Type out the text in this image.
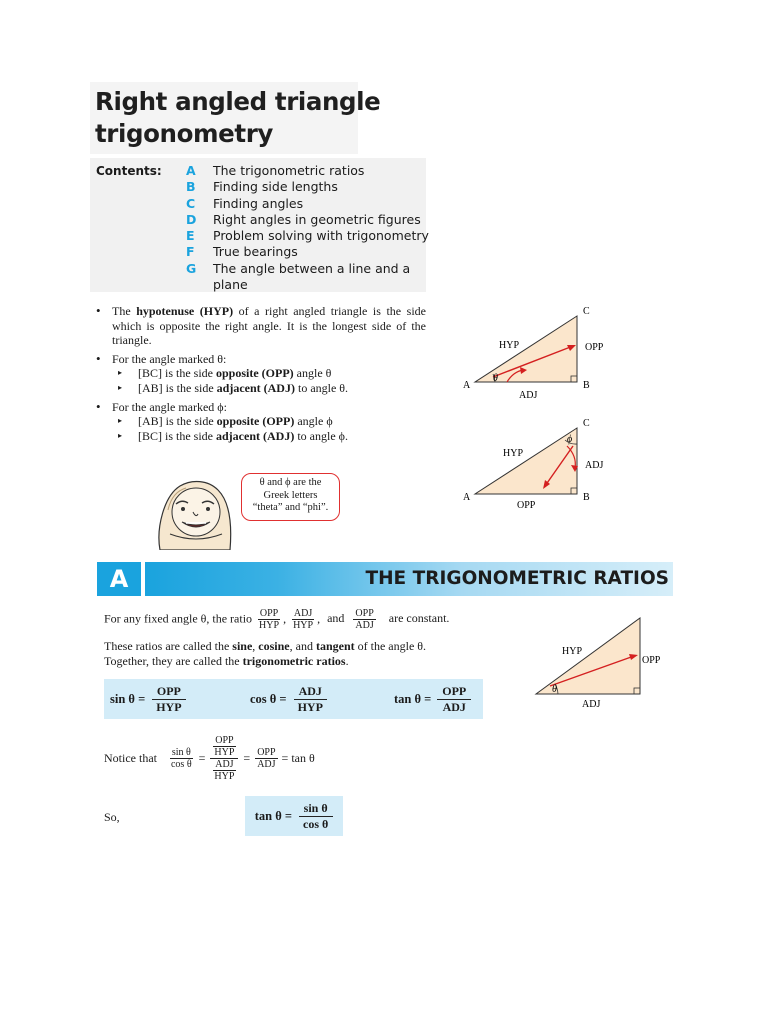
Right angled triangle
trigonometry
Contents: A	The trigonometric ratios
B	Finding side lengths
C	Finding angles
D	Right angles in geometric figures
E	Problem solving with trigonometry
F	True bearings
G	The angle between a line and a plane
• The hypotenuse (HYP) of a right angled triangle is the side which is opposite the right angle. It is the longest side of the triangle.
• For the angle marked θ:
▸ [BC] is the side opposite (OPP) angle θ
▸ [AB] is the side adjacent (ADJ) to angle θ.
• For the angle marked ϕ:
▸ [AB] is the side opposite (OPP) angle ϕ
▸ [BC] is the side adjacent (ADJ) to angle ϕ.
A	B
C
HYP	OPP
ADJ
θ
A	B
C
HYP
ADJ
OPP
ϕ
θ and ϕ are the
Greek letters
“theta” and “phi”.
A	THE TRIGONOMETRIC RATIOS
For any fixed angle θ, the ratio $\frac{\text{OPP}}{\text{HYP}}$ , $\frac{\text{ADJ}}{\text{HYP}}$ , and $\frac{\text{OPP}}{\text{ADJ}}$ are constant.
These ratios are called the sine, cosine, and tangent of the angle θ.
Together, they are called the trigonometric ratios.
$\sin \theta = \frac{\text{OPP}}{\text{HYP}}$	$\cos \theta = \frac{\text{ADJ}}{\text{HYP}}$	$\tan \theta = \frac{\text{OPP}}{\text{ADJ}}$
HYP
OPP
ADJ
θ
Notice that $\frac{\text{sin θ}}{\text{cos θ}} = \frac{\frac{\text{OPP}}{\text{HYP}}}{\frac{\text{ADJ}}{\text{HYP}}} = \frac{\text{OPP}}{\text{ADJ}} = \tan \theta$
So,	$\tan \theta = \frac{\text{sin θ}}{\text{cos θ}}$
